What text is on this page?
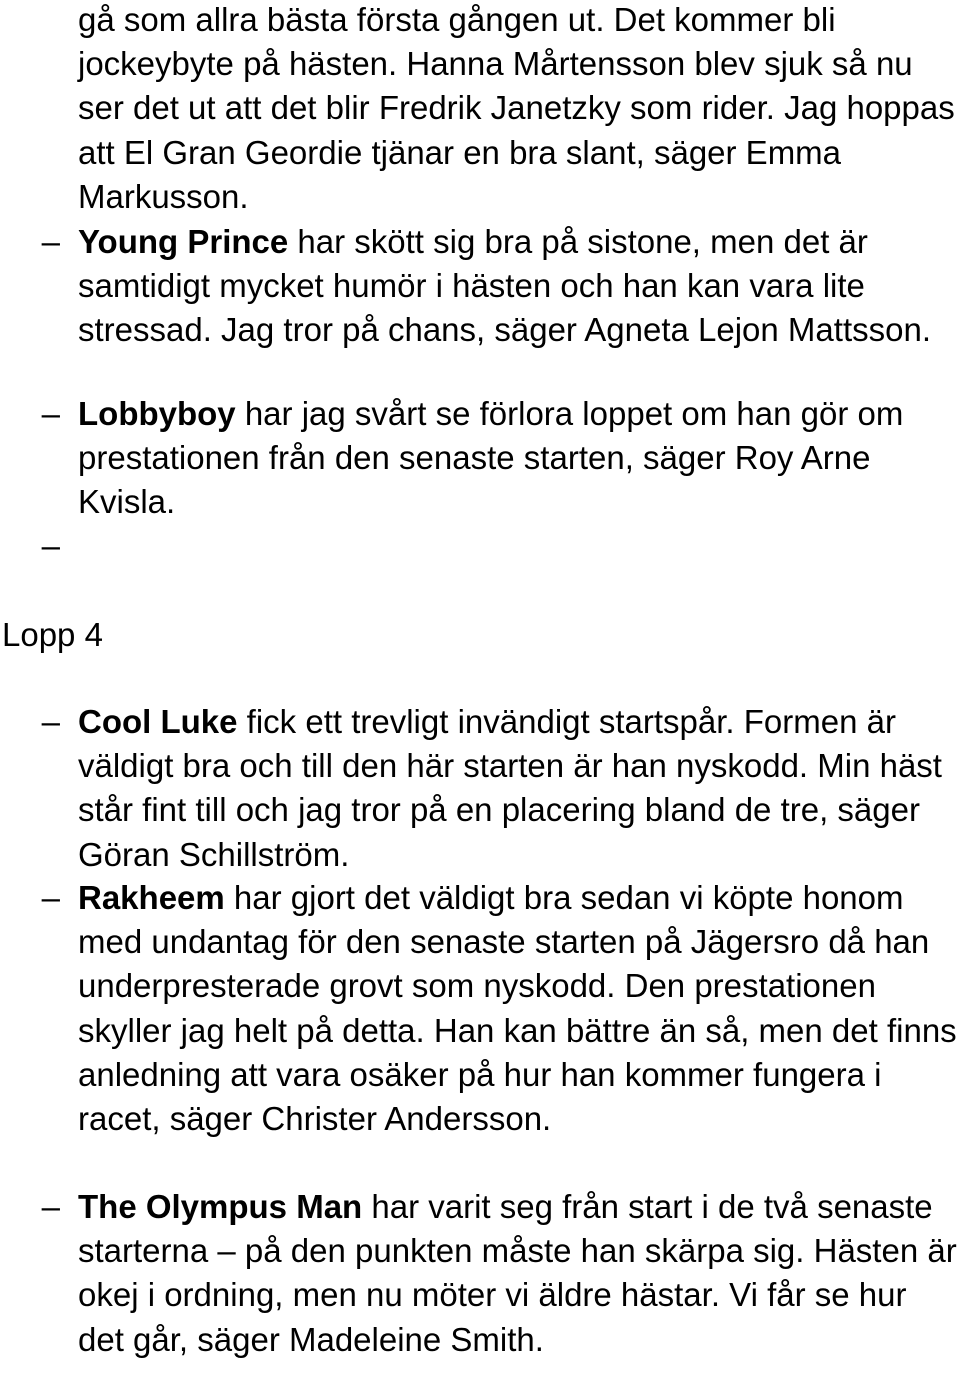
gå som allra bästa första gången ut. Det kommer bli jockeybyte på hästen. Hanna Mårtensson blev sjuk så nu ser det ut att det blir Fredrik Janetzky som rider. Jag hoppas att El Gran Geordie tjänar en bra slant, säger Emma Markusson.

– Young Prince har skött sig bra på sistone, men det är samtidigt mycket humör i hästen och han kan vara lite stressad. Jag tror på chans, säger Agneta Lejon Mattsson.

– Lobbyboy har jag svårt se förlora loppet om han gör om prestationen från den senaste starten, säger Roy Arne Kvisla.

–
Lopp 4
– Cool Luke fick ett trevligt invändigt startspår. Formen är väldigt bra och till den här starten är han nyskodd. Min häst står fint till och jag tror på en placering bland de tre, säger Göran Schillström.

– Rakheem har gjort det väldigt bra sedan vi köpte honom med undantag för den senaste starten på Jägersro då han underpresterade grovt som nyskodd. Den prestationen skyller jag helt på detta. Han kan bättre än så, men det finns anledning att vara osäker på hur han kommer fungera i racet, säger Christer Andersson.

– The Olympus Man har varit seg från start i de två senaste starterna – på den punkten måste han skärpa sig. Hästen är okej i ordning, men nu möter vi äldre hästar. Vi får se hur det går, säger Madeleine Smith.
